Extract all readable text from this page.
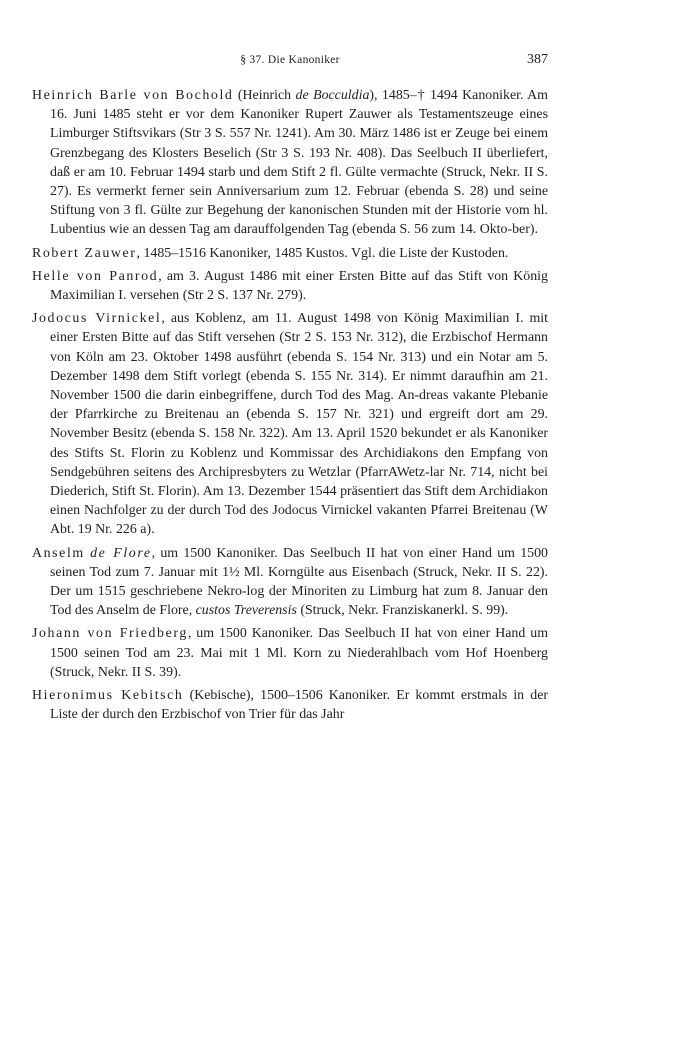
§ 37. Die Kanoniker	387

Heinrich Barle von Bochold (Heinrich de Bocculdia), 1485–† 1494 Kanoniker. Am 16. Juni 1485 steht er vor dem Kanoniker Rupert Zauwer als Testamentszeuge eines Limburger Stiftsvikars (Str 3 S. 557 Nr. 1241). Am 30. März 1486 ist er Zeuge bei einem Grenzbegang des Klosters Beselich (Str 3 S. 193 Nr. 408). Das Seelbuch II überliefert, daß er am 10. Februar 1494 starb und dem Stift 2 fl. Gülte vermachte (Struck, Nekr. II S. 27). Es vermerkt ferner sein Anniversarium zum 12. Februar (ebenda S. 28) und seine Stiftung von 3 fl. Gülte zur Begehung der kanonischen Stunden mit der Historie vom hl. Lubentius wie an dessen Tag am darauffolgenden Tag (ebenda S. 56 zum 14. Okto-ber).

Robert Zauwer, 1485–1516 Kanoniker, 1485 Kustos. Vgl. die Liste der Kustoden.

Helle von Panrod, am 3. August 1486 mit einer Ersten Bitte auf das Stift von König Maximilian I. versehen (Str 2 S. 137 Nr. 279).

Jodocus Virnickel, aus Koblenz, am 11. August 1498 von König Maximilian I. mit einer Ersten Bitte auf das Stift versehen (Str 2 S. 153 Nr. 312), die Erzbischof Hermann von Köln am 23. Oktober 1498 ausführt (ebenda S. 154 Nr. 313) und ein Notar am 5. Dezember 1498 dem Stift vorlegt (ebenda S. 155 Nr. 314). Er nimmt daraufhin am 21. November 1500 die darin einbegriffene, durch Tod des Mag. An-dreas vakante Plebanie der Pfarrkirche zu Breitenau an (ebenda S. 157 Nr. 321) und ergreift dort am 29. November Besitz (ebenda S. 158 Nr. 322). Am 13. April 1520 bekundet er als Kanoniker des Stifts St. Florin zu Koblenz und Kommissar des Archidiakons den Empfang von Sendgebühren seitens des Archipresbyters zu Wetzlar (PfarrAWetz-lar Nr. 714, nicht bei Diederich, Stift St. Florin). Am 13. Dezember 1544 präsentiert das Stift dem Archidiakon einen Nachfolger zu der durch Tod des Jodocus Virnickel vakanten Pfarrei Breitenau (W Abt. 19 Nr. 226 a).

Anselm de Flore, um 1500 Kanoniker. Das Seelbuch II hat von einer Hand um 1500 seinen Tod zum 7. Januar mit 1½ Ml. Korngülte aus Eisenbach (Struck, Nekr. II S. 22). Der um 1515 geschriebene Nekro-log der Minoriten zu Limburg hat zum 8. Januar den Tod des Anselm de Flore, custos Treverensis (Struck, Nekr. Franziskanerkl. S. 99).

Johann von Friedberg, um 1500 Kanoniker. Das Seelbuch II hat von einer Hand um 1500 seinen Tod am 23. Mai mit 1 Ml. Korn zu Niederahlbach vom Hof Hoenberg (Struck, Nekr. II S. 39).

Hieronimus Kebitsch (Kebische), 1500–1506 Kanoniker. Er kommt erstmals in der Liste der durch den Erzbischof von Trier für das Jahr
